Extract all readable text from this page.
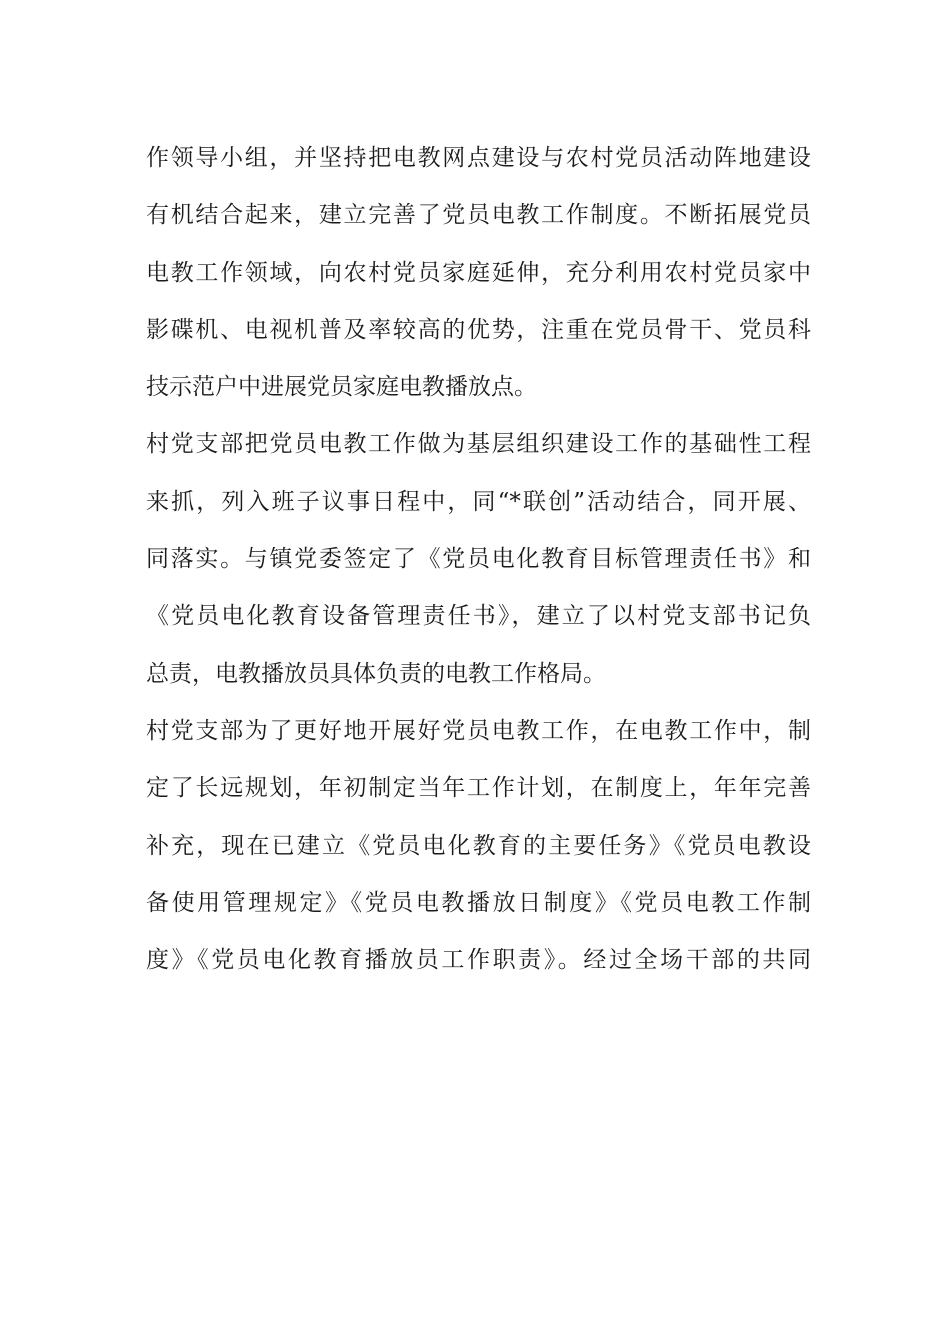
作领导小组，并坚持把电教网点建设与农村党员活动阵地建设
有机结合起来，建立完善了党员电教工作制度。不断拓展党员
电教工作领域，向农村党员家庭延伸，充分利用农村党员家中
影碟机、电视机普及率较高的优势，注重在党员骨干、党员科
技示范户中进展党员家庭电教播放点。
村党支部把党员电教工作做为基层组织建设工作的基础性工程
来抓，列入班子议事日程中，同“*联创”活动结合，同开展、
同落实。与镇党委签定了《党员电化教育目标管理责任书》和
《党员电化教育设备管理责任书》，建立了以村党支部书记负
总责，电教播放员具体负责的电教工作格局。
村党支部为了更好地开展好党员电教工作，在电教工作中，制
定了长远规划，年初制定当年工作计划，在制度上，年年完善
补充，现在已建立《党员电化教育的主要任务》《党员电教设
备使用管理规定》《党员电教播放日制度》《党员电教工作制
度》《党员电化教育播放员工作职责》。经过全场干部的共同
